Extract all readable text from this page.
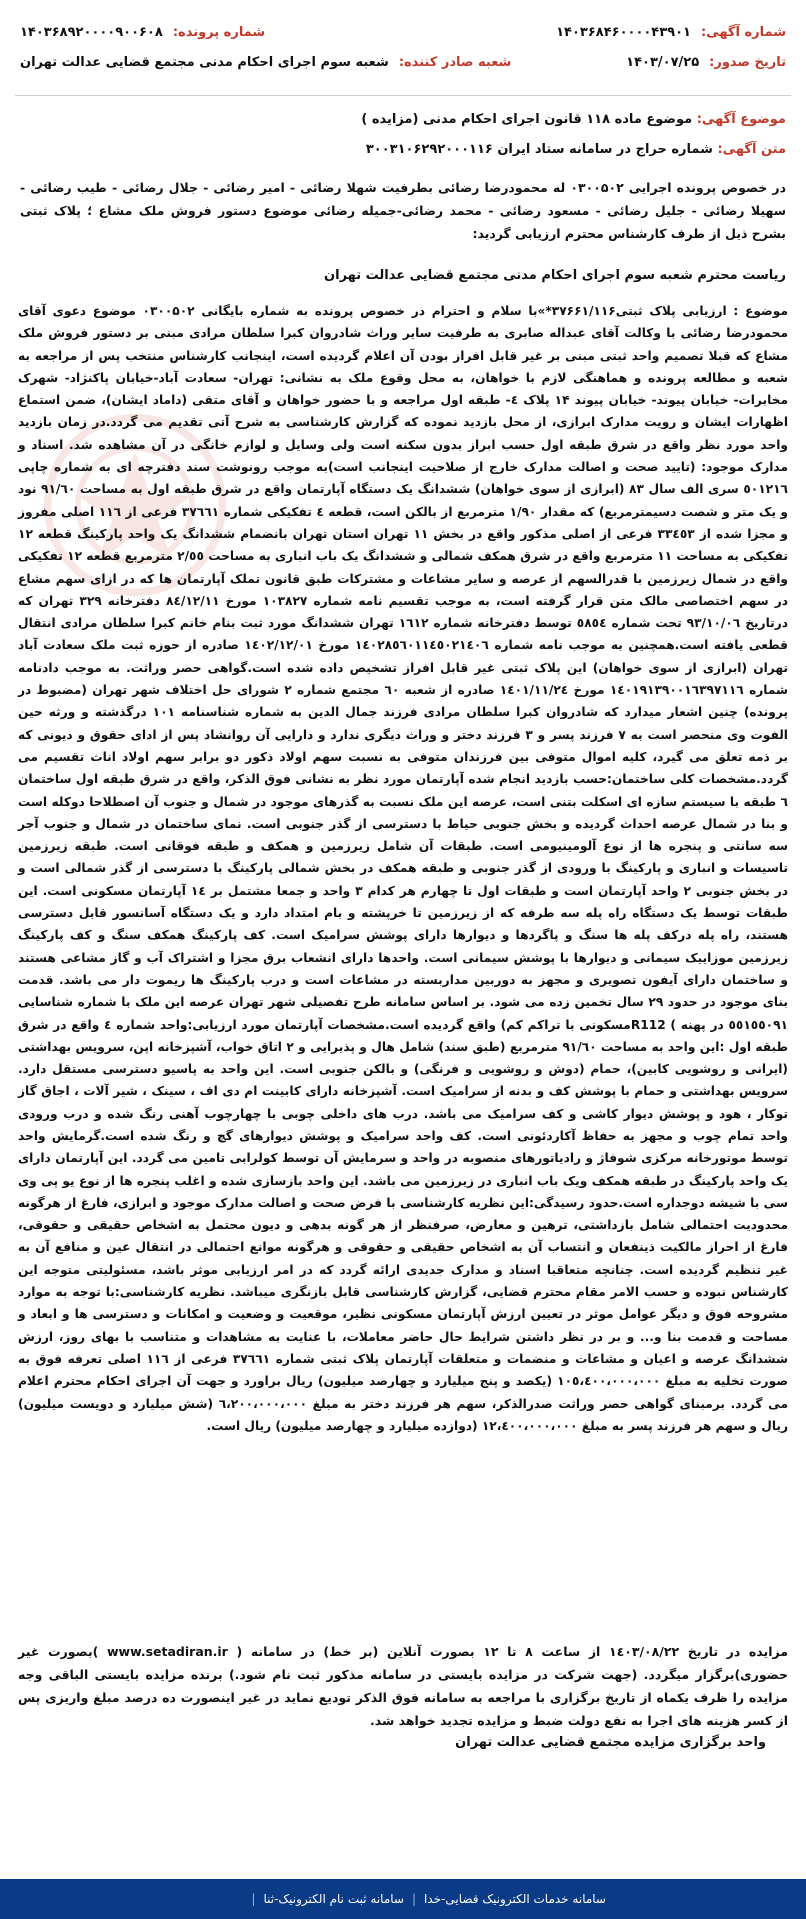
شماره آگهی:
۱۴۰۳۶۸۴۶۰۰۰۰۴۳۹۰۱
شماره پرونده:
۱۴۰۳۶۸۹۲۰۰۰۰۹۰۰۶۰۸
تاریخ صدور:
۱۴۰۳/۰۷/۲۵
شعبه صادر کننده:
شعبه سوم اجرای احکام مدنی مجتمع قضایی عدالت تهران
موضوع آگهی: موضوع ماده ۱۱۸ قانون اجرای احکام مدنی (مزایده )
متن آگهی: شماره حراج در سامانه ستاد ایران ۳۰۰۳۱۰۶۲۹۲۰۰۰۱۱۶
در خصوص پرونده اجرایی ۰۳۰۰۵۰۲ له محمودرضا رضائی بطرفیت شهلا رضائی - امیر رضائی - جلال رضائی - طیب رضائی - سهیلا رضائی - جلیل رضائی - مسعود رضائی - محمد رضائی-جمیله رضائی موضوع دستور فروش ملک مشاع ؛ پلاک ثبتی بشرح ذیل از طرف کارشناس محترم ارزیابی گردید:
ریاست محترم شعبه سوم اجرای احکام مدنی مجتمع قضایی عدالت تهران
موضوع : ارزیابی پلاک ثبتی۳۷۶۶۱/۱۱۶*»با سلام و احترام در خصوص پرونده به شماره بایگانی ۰۳۰۰۵۰۲ موضوع دعوی آقای محمودرضا رضائی با وکالت آقای عبداله صابری به طرفیت سایر وراث شادروان کبرا سلطان مرادی مبنی بر دستور فروش ملک مشاع که قبلا تصمیم واحد ثبتی مبنی بر غیر قابل افراز بودن آن اعلام گردیده است، اینجانب کارشناس منتخب پس از مراجعه به شعبه و مطالعه پرونده و هماهنگی لازم با خواهان، به محل وقوع ملک به نشانی: تهران- سعادت آباد-خیابان پاکنژاد- شهرک مخابرات- خیابان پیوند- خیابان پیوند ۱۴ پلاک ٤- طبقه اول مراجعه و با حضور خواهان و آقای متقی (داماد ایشان)، ضمن استماع اظهارات ایشان و رویت مدارک ابرازی، از محل بازدید نموده که گزارش کارشناسی به شرح آتی تقدیم می گردد.در زمان بازدید واحد مورد نظر واقع در شرق طبقه اول حسب ابراز بدون سکنه است ولی وسایل و لوازم خانگی در آن مشاهده شد. اسناد و مدارک موجود: (تایید صحت و اصالت مدارک خارج از صلاحیت اینجانب است)به موجب رونوشت سند دفترچه ای به شماره چاپی ٥٠١٢١٦ سری الف سال ۸۳ (ابرازی از سوی خواهان) ششدانگ یک دستگاه آپارتمان واقع در شرق طبقه اول به مساحت ۹۱/٦۰ نود و یک متر و شصت دسیمترمربع) که مقدار ۱/۹۰ مترمربع از بالکن است، قطعه ٤ تفکیکی شماره ۳۷٦٦۱ فرعی از ۱۱٦ اصلی مفروز و مجزا شده از ۳۳٤٥۳ فرعی از اصلی مذکور واقع در بخش ۱۱ تهران استان تهران بانضمام ششدانگ یک واحد پارکینگ قطعه ۱۲ تفکیکی به مساحت ۱۱ مترمربع واقع در شرق همکف شمالی و ششدانگ یک باب انباری به مساحت ۲/٥٥ مترمربع قطعه ۱۲ تفکیکی واقع در شمال زیرزمین با قدرالسهم از عرصه و سایر مشاعات و مشترکات طبق قانون تملک آپارتمان ها که در ازای سهم مشاع در سهم اختصاصی مالک متن قرار گرفته است، به موجب تقسیم نامه شماره ۱۰۳۸۲۷ مورخ ۸٤/۱۲/۱۱ دفترخانه ۳۲۹ تهران که درتاریخ ۹۳/۱۰/۰٦ تحت شماره ٥٨٥٤ توسط دفترخانه شماره ۱٦۱۲ تهران ششدانگ مورد ثبت بنام خانم کبرا سلطان مرادی انتقال قطعی یافته است.همچنین به موجب نامه شماره ۱٤۰۲۸٥٦۰۱۱٤٥۰۲۱٤۰٦ مورخ ۱٤۰۲/۱۲/۰۱ صادره از حوزه ثبت ملک سعادت آباد تهران (ابرازی از سوی خواهان) این پلاک ثبتی غیر قابل افراز تشخیص داده شده است.گواهی حصر وراثت. به موجب دادنامه شماره ۱٤۰۱۹۱۳۹۰۰۱٦۳۹۷۱۱٦ مورخ ۱٤۰۱/۱۱/۲٤ صادره از شعبه ٦۰ مجتمع شماره ۲ شورای حل اختلاف شهر تهران (مضبوط در پرونده) چنین اشعار میدارد که شادروان کبرا سلطان مرادی فرزند جمال الدین به شماره شناسنامه ۱۰۱ درگذشته و ورثه حین الفوت وی منحصر است به ۷ فرزند پسر و ۳ فرزند دختر و وراث دیگری ندارد و دارایی آن روانشاد پس از ادای حقوق و دیونی که بر ذمه تعلق می گیرد، کلیه اموال متوفی بین فرزندان متوفی به نسبت سهم اولاد ذکور دو برابر سهم اولاد اناث تقسیم می گردد.مشخصات کلی ساختمان:حسب بازدید انجام شده آپارتمان مورد نظر به نشانی فوق الذکر، واقع در شرق طبقه اول ساختمان ٦ طبقه با سیستم سازه ای اسکلت بتنی است، عرصه این ملک نسبت به گذرهای موجود در شمال و جنوب آن اصطلاحا دوکله است و بنا در شمال عرصه احداث گردیده و بخش جنوبی حیاط با دسترسی از گذر جنوبی است. نمای ساختمان در شمال و جنوب آجر سه سانتی و پنجره ها از نوع آلومینیومی است. طبقات آن شامل زیرزمین و همکف و طبقه فوقانی است. طبقه زیرزمین تاسیسات و انباری و پارکینگ با ورودی از گذر جنوبی و طبقه همکف در بخش شمالی پارکینگ با دسترسی از گذر شمالی است و در بخش جنوبی ۲ واحد آپارتمان است و طبقات اول تا چهارم هر کدام ۳ واحد و جمعا مشتمل بر ۱٤ آپارتمان مسکونی است. این طبقات توسط یک دستگاه راه پله سه طرفه که از زیرزمین تا خرپشته و بام امتداد دارد و یک دستگاه آسانسور قابل دسترسی هستند، راه پله درکف پله ها سنگ و پاگردها و دیوارها دارای پوشش سرامیک است. کف پارکینگ همکف سنگ و کف پارکینگ زیرزمین موزاییک سیمانی و دیوارها با پوشش سیمانی است. واحدها دارای انشعاب برق مجزا و اشتراک آب و گاز مشاعی هستند و ساختمان دارای آیفون تصویری و مجهز به دوربین مداربسته در مشاعات است و درب پارکینگ ها ریموت دار می باشد. قدمت بنای موجود در حدود ۲۹ سال تخمین زده می شود. بر اساس سامانه طرح تفصیلی شهر تهران عرصه این ملک با شماره شناسایی ٥٥١٥٥٠۹۱ در پهنه ) R112مسکونی با تراکم کم) واقع گردیده است.مشخصات آپارتمان مورد ارزیابی:واحد شماره ٤ واقع در شرق طبقه اول :این واحد به مساحت ۹۱/٦۰ مترمربع (طبق سند) شامل هال و پذیرایی و ۲ اتاق خواب، آشپزخانه اپن، سرویس بهداشتی (ایرانی و روشویی کابین)، حمام (دوش و روشویی و فرنگی) و بالکن جنوبی است. این واحد به پاسیو دسترسی مستقل دارد. سرویس بهداشتی و حمام با پوشش کف و بدنه از سرامیک است. آشپزخانه دارای کابینت ام دی اف ، سینک ، شیر آلات ، اجاق گاز توکار ، هود و پوشش دیوار کاشی و کف سرامیک می باشد. درب های داخلی چوبی با چهارچوب آهنی رنگ شده و درب ورودی واحد تمام چوب و مجهز به حفاظ آکاردئونی است. کف واحد سرامیک و پوشش دیوارهای گچ و رنگ شده است.گرمایش واحد توسط موتورخانه مرکزی شوفاژ و رادیاتورهای منصوبه در واحد و سرمایش آن توسط کولرابی تامین می گردد. این آپارتمان دارای یک واحد پارکینگ در طبقه همکف ویک باب انباری در زیرزمین می باشد. این واحد بازسازی شده و اغلب پنجره ها از نوع یو پی وی سی با شیشه دوجداره است.حدود رسیدگی:این نظریه کارشناسی با فرض صحت و اصالت مدارک موجود و ابرازی، فارغ از هرگونه محدودیت احتمالی شامل بازداشتی، ترهین و معارض، صرفنظر از هر گونه بدهی و دیون محتمل به اشخاص حقیقی و حقوقی، فارغ از احراز مالکیت ذینفعان و انتساب آن به اشخاص حقیقی و حقوقی و هرگونه موانع احتمالی در انتقال عین و منافع آن به غیر تنظیم گردیده است. چنانچه متعاقبا اسناد و مدارک جدیدی ارائه گردد که در امر ارزیابی موثر باشد، مسئولیتی متوجه این کارشناس نبوده و حسب الامر مقام محترم قضایی، گزارش کارشناسی قابل بازنگری میباشد. نظریه کارشناسی:با توجه به موارد مشروحه فوق و دیگر عوامل موثر در تعیین ارزش آپارتمان مسکونی نظیر، موقعیت و وضعیت و امکانات و دسترسی ها و ابعاد و مساحت و قدمت بنا و... و بر در نظر داشتن شرایط حال حاضر معاملات، با عنایت به مشاهدات و متناسب با بهای روز، ارزش ششدانگ عرصه و اعیان و مشاعات و منضمات و متعلقات آپارتمان پلاک ثبتی شماره ۳۷٦٦۱ فرعی از ۱۱٦ اصلی تعرفه فوق به صورت تخلیه به مبلغ ۱۰٥،٤۰۰،۰۰۰،۰۰۰ (یکصد و پنج میلیارد و چهارصد میلیون) ریال براورد و جهت آن اجرای احکام محترم اعلام می گردد. برمبنای گواهی حصر وراثت صدرالذکر، سهم هر فرزند دختر به مبلغ ٦،۲۰۰،۰۰۰،۰۰۰ (شش میلیارد و دویست میلیون) ریال و سهم هر فرزند پسر به مبلغ ۱۲،٤۰۰،۰۰۰،۰۰۰ (دوازده میلیارد و چهارصد میلیون) ریال است.
مزایده در تاریخ ۱٤۰۳/۰۸/۲۲ از ساعت ۸ تا ۱۲ بصورت آنلاین (بر خط) در سامانه ( www.setadiran.ir )بصورت غیر حضوری)برگزار میگردد. (جهت شرکت در مزایده بایستی در سامانه مذکور ثبت نام شود.) برنده مزایده بایستی الباقی وجه مزایده را ظرف یکماه از تاریخ برگزاری با مراجعه به سامانه فوق الذکر تودیع نماید در غیر اینصورت ده درصد مبلغ واریزی پس از کسر هزینه های اجرا به نفع دولت ضبط و مزایده تجدید خواهد شد.
واحد برگزاری مزایده مجتمع قضایی عدالت تهران
سامانه خدمات الکترونیک قضایی-خدا
|
سامانه ثبت نام الکترونیک-ثنا
|
